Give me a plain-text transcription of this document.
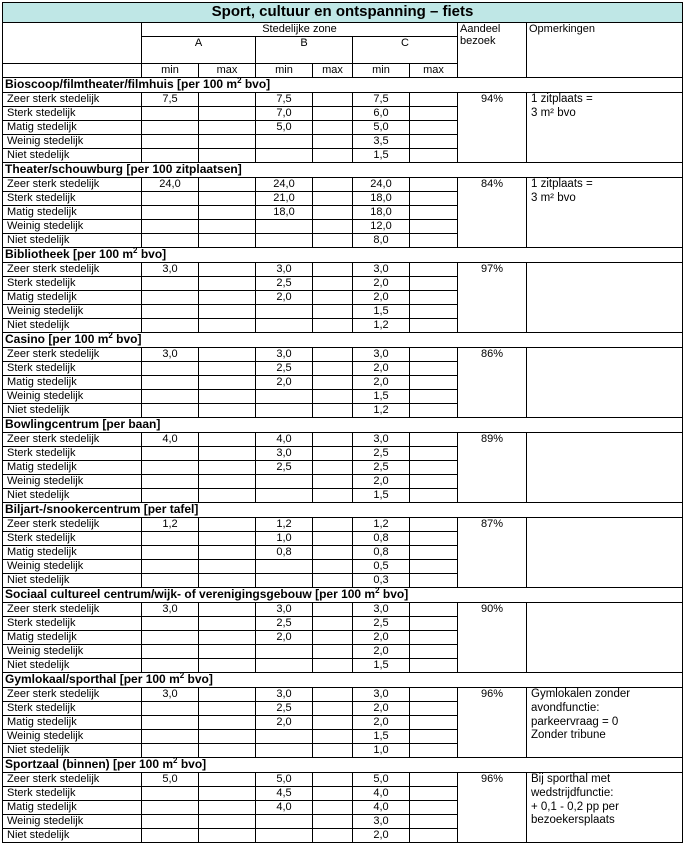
Sport, cultuur en ontspanning – fiets								
	Stedelijke zone						Aandeel
bezoek	Opmerkingen
	A		B		C			
	min	max	min	max	min	max		
Bioscoop/filmtheater/filmhuis [per 100 $m^2$ bvo]								
Zeer sterk stedelijk	7,5		7,5		7,5		94%	1 zitplaats =
3 m² bvo

Sterk stedelijk			7,0		6,0			
Matig stedelijk			5,0		5,0			
Weinig stedelijk					3,5			
Niet stedelijk					1,5			
Theater/schouwburg [per 100 zitplaatsen]								
Zeer sterk stedelijk	24,0		24,0		24,0		84%	1 zitplaats =
3 m² bvo

Sterk stedelijk			21,0		18,0			
Matig stedelijk			18,0		18,0			
Weinig stedelijk					12,0			
Niet stedelijk					8,0			
Bibliotheek [per 100 $m^2$ bvo]								
Zeer sterk stedelijk	3,0		3,0		3,0		97%	
Sterk stedelijk			2,5		2,0			
Matig stedelijk			2,0		2,0			
Weinig stedelijk					1,5			
Niet stedelijk					1,2			
Casino [per 100 $m^2$ bvo]								
Zeer sterk stedelijk	3,0		3,0		3,0		86%	
Sterk stedelijk			2,5		2,0			
Matig stedelijk			2,0		2,0			
Weinig stedelijk					1,5			
Niet stedelijk					1,2			
Bowlingcentrum [per baan]								
Zeer sterk stedelijk	4,0		4,0		3,0		89%	
Sterk stedelijk			3,0		2,5			
Matig stedelijk			2,5		2,5			
Weinig stedelijk					2,0			
Niet stedelijk					1,5			
Biljart-/snookercentrum [per tafel]								
Zeer sterk stedelijk	1,2		1,2		1,2		87%	
Sterk stedelijk			1,0		0,8			
Matig stedelijk			0,8		0,8			
Weinig stedelijk					0,5			
Niet stedelijk					0,3			
Sociaal cultureel centrum/wijk- of verenigingsgebouw [per 100 $m^2$ bvo]								
Zeer sterk stedelijk	3,0		3,0		3,0		90%	
Sterk stedelijk			2,5		2,5			
Matig stedelijk			2,0		2,0			
Weinig stedelijk					2,0			
Niet stedelijk					1,5			
Gymlokaal/sporthal [per 100 $m^2$ bvo]								
Zeer sterk stedelijk	3,0		3,0		3,0		96%	Gymlokalen zonder
avondfunctie:
parkeervraag = 0
Zonder tribune

Sterk stedelijk			2,5		2,0			
Matig stedelijk			2,0		2,0			
Weinig stedelijk					1,5			
Niet stedelijk					1,0			
Sportzaal (binnen) [per 100 $m^2$ bvo]								
Zeer sterk stedelijk	5,0		5,0		5,0		96%	Bij sporthal met
wedstrijdfunctie:
+ 0,1 - 0,2 pp per
bezoekersplaats

Sterk stedelijk			4,5		4,0			
Matig stedelijk			4,0		4,0			
Weinig stedelijk					3,0			
Niet stedelijk					2,0			
